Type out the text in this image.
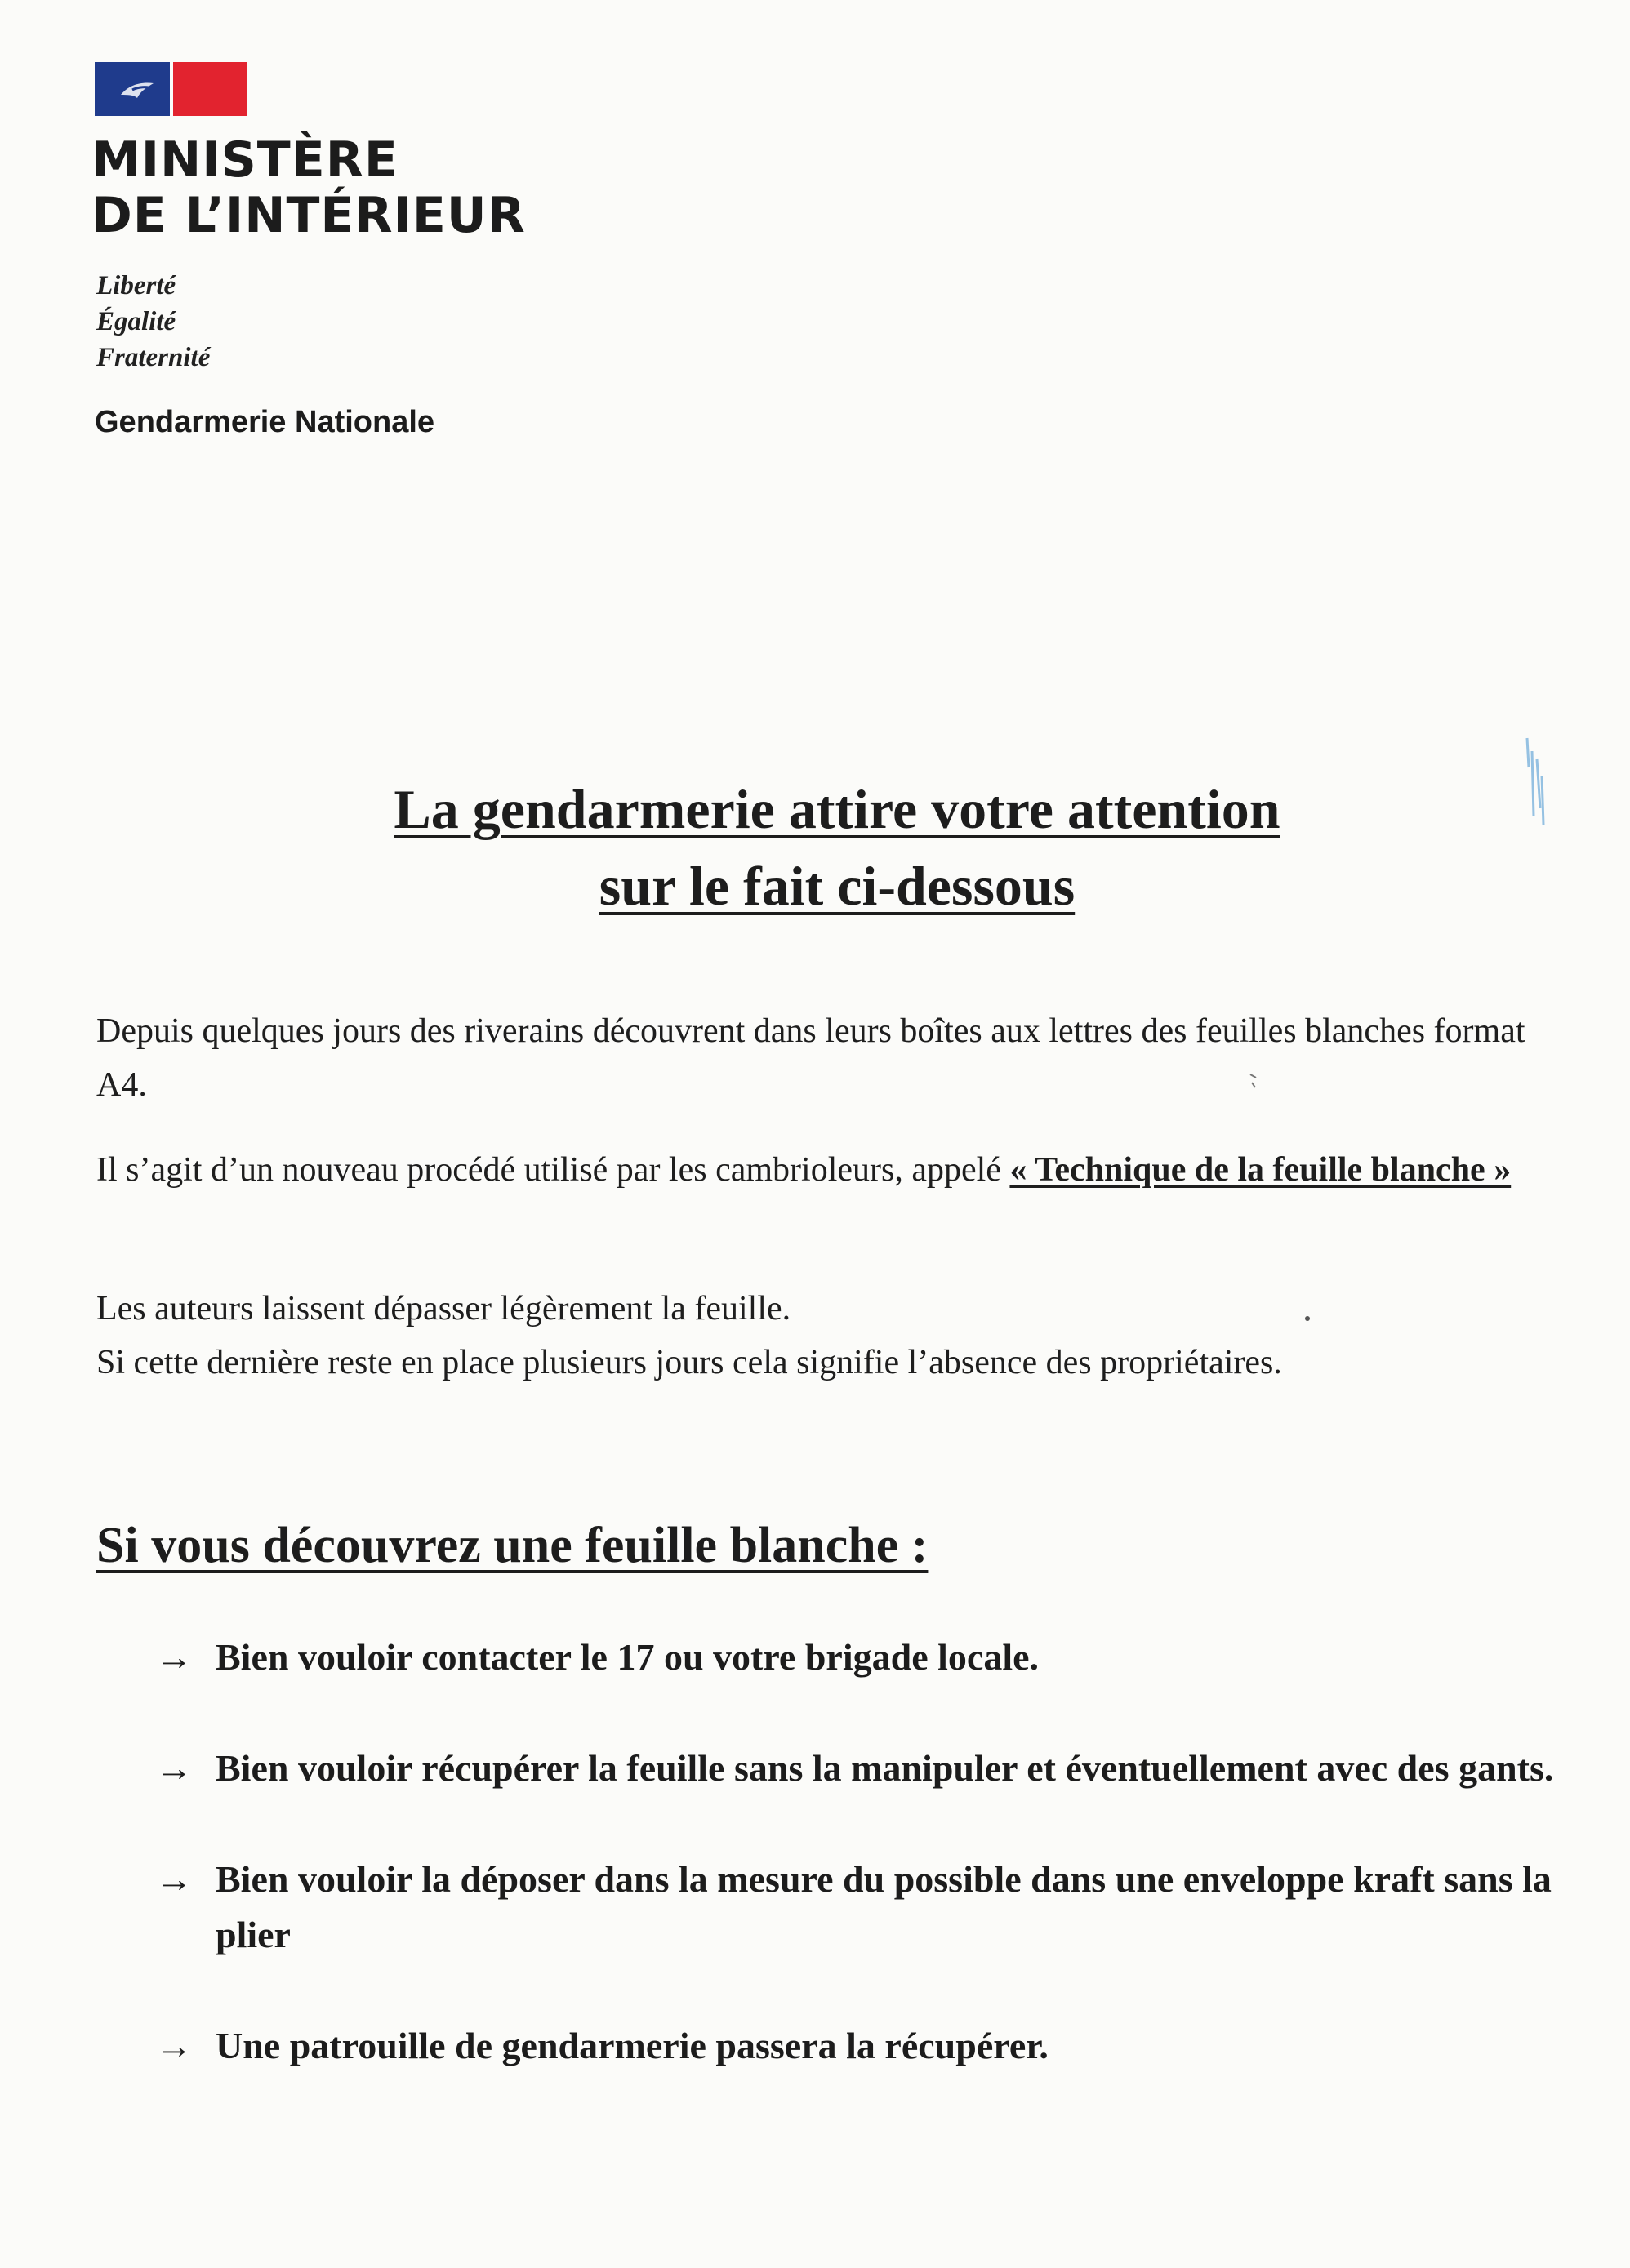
MINISTÈRE
DE L’INTÉRIEUR
Liberté
Égalité
Fraternité
Gendarmerie Nationale
La gendarmerie attire votre attention
sur le fait ci-dessous
Depuis quelques jours des riverains découvrent dans leurs boîtes aux lettres des feuilles blanches format A4.
Il s’agit d’un nouveau procédé utilisé par les cambrioleurs, appelé « Technique de la feuille blanche »
Les auteurs laissent dépasser légèrement la feuille.
Si cette dernière reste en place plusieurs jours cela signifie l’absence des propriétaires.
Si vous découvrez une feuille blanche :
→ Bien vouloir contacter le 17 ou votre brigade locale.
→ Bien vouloir récupérer la feuille sans la manipuler et éventuellement avec des gants.
→ Bien vouloir la déposer dans la mesure du possible dans une enveloppe kraft sans la plier
→ Une patrouille de gendarmerie passera la récupérer.
